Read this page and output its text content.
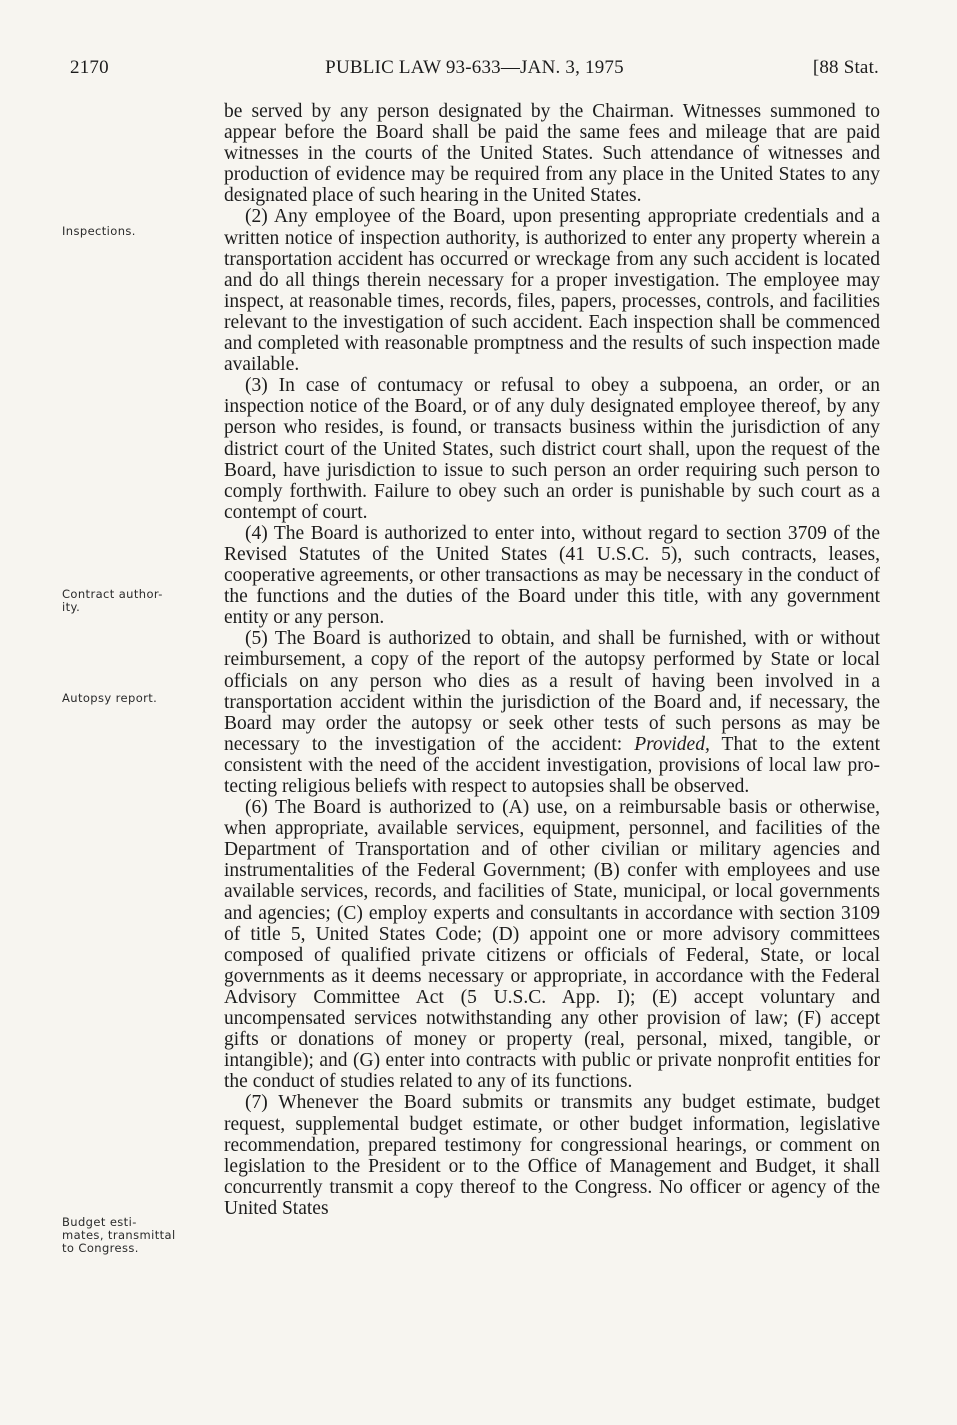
2170	PUBLIC LAW 93-633—JAN. 3, 1975	[88 Stat.
Inspections.
Contract author-
ity.
Autopsy report.
Budget esti-
mates, transmittal
to Congress.

be served by any person designated by the Chairman. Witnesses summoned to appear before the Board shall be paid the same fees and mileage that are paid witnesses in the courts of the United States. Such attendance of witnesses and production of evidence may be required from any place in the United States to any designated place of such hearing in the United States.

(2) Any employee of the Board, upon presenting appropriate credentials and a written notice of inspection authority, is authorized to enter any property wherein a transportation accident has occurred or wreckage from any such accident is located and do all things therein necessary for a proper investigation. The employee may inspect, at reasonable times, records, files, papers, processes, controls, and facilities relevant to the investigation of such accident. Each inspection shall be commenced and completed with reasonable promptness and the results of such inspection made available.

(3) In case of contumacy or refusal to obey a subpoena, an order, or an inspection notice of the Board, or of any duly designated employee thereof, by any person who resides, is found, or transacts business within the jurisdiction of any district court of the United States, such district court shall, upon the request of the Board, have jurisdiction to issue to such person an order requiring such person to comply forthwith. Failure to obey such an order is punishable by such court as a contempt of court.

(4) The Board is authorized to enter into, without regard to section 3709 of the Revised Statutes of the United States (41 U.S.C. 5), such contracts, leases, cooperative agreements, or other transactions as may be necessary in the conduct of the functions and the duties of the Board under this title, with any government entity or any person.

(5) The Board is authorized to obtain, and shall be furnished, with or without reimbursement, a copy of the report of the autopsy performed by State or local officials on any person who dies as a result of having been involved in a transportation accident within the jurisdiction of the Board and, if necessary, the Board may order the autopsy or seek other tests of such persons as may be necessary to the investigation of the accident: Provided, That to the extent consistent with the need of the accident investigation, provisions of local law protecting religious beliefs with respect to autopsies shall be observed.

(6) The Board is authorized to (A) use, on a reimbursable basis or otherwise, when appropriate, available services, equipment, personnel, and facilities of the Department of Transportation and of other civilian or military agencies and instrumentalities of the Federal Government; (B) confer with employees and use available services, records, and facilities of State, municipal, or local governments and agencies; (C) employ experts and consultants in accordance with section 3109 of title 5, United States Code; (D) appoint one or more advisory committees composed of qualified private citizens or officials of Federal, State, or local governments as it deems necessary or appropriate, in accordance with the Federal Advisory Committee Act (5 U.S.C. App. I); (E) accept voluntary and uncompensated services notwithstanding any other provision of law; (F) accept gifts or donations of money or property (real, personal, mixed, tangible, or intangible); and (G) enter into contracts with public or private nonprofit entities for the conduct of studies related to any of its functions.

(7) Whenever the Board submits or transmits any budget estimate, budget request, supplemental budget estimate, or other budget information, legislative recommendation, prepared testimony for congressional hearings, or comment on legislation to the President or to the Office of Management and Budget, it shall concurrently transmit a copy thereof to the Congress. No officer or agency of the United States
